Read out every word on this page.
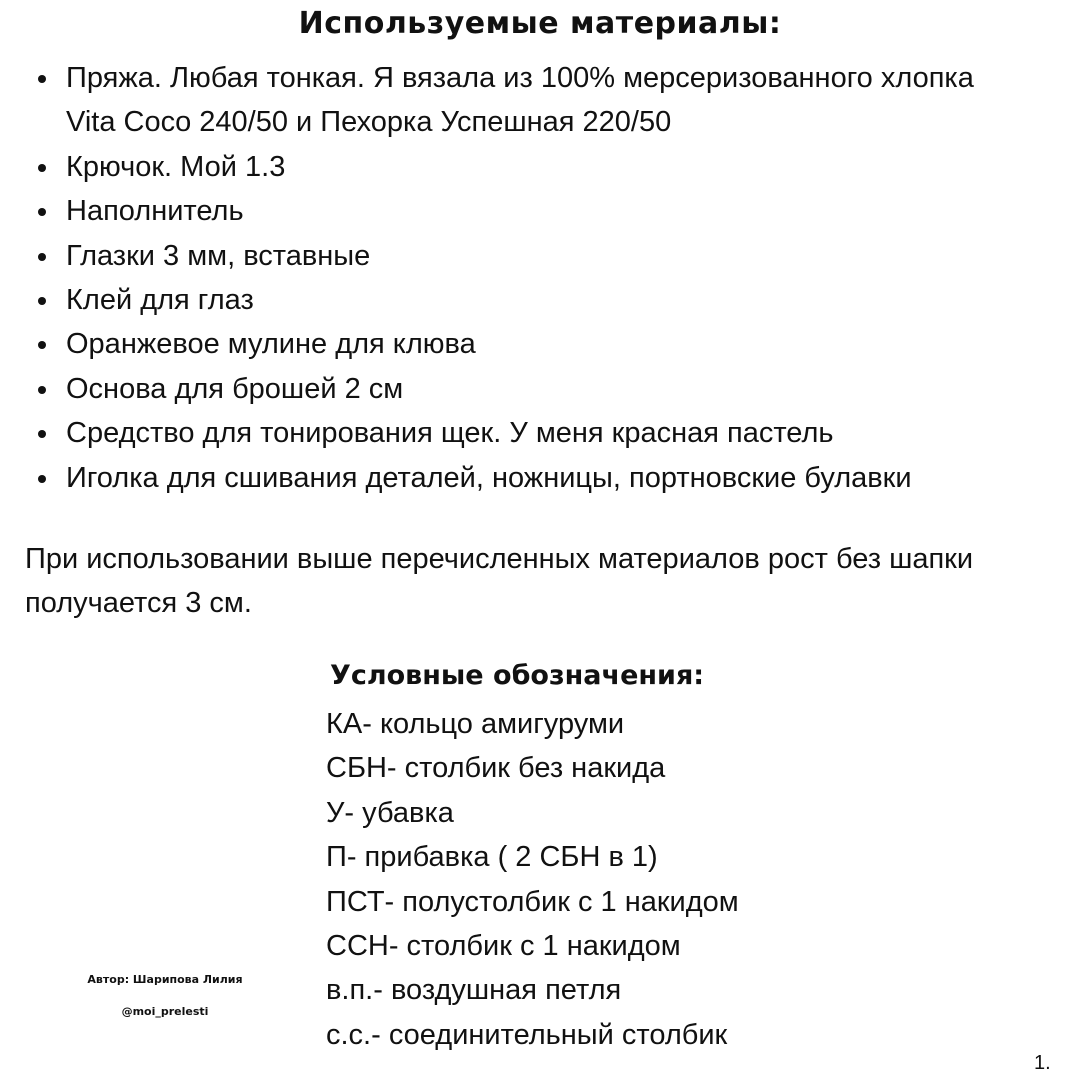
Используемые материалы:
Пряжа. Любая тонкая. Я вязала из 100% мерсеризованного хлопка Vita Coco 240/50 и Пехорка Успешная 220/50
Крючок. Мой 1.3
Наполнитель
Глазки 3 мм, вставные
Клей для глаз
Оранжевое мулине для клюва
Основа для брошей 2 см
Средство для тонирования щек. У меня красная пастель
Иголка для сшивания деталей, ножницы, портновские булавки
При использовании выше перечисленных материалов рост без шапки получается 3 см.
Условные обозначения:
КА- кольцо амигуруми
СБН- столбик без накида
У- убавка
П- прибавка ( 2 СБН в 1)
ПСТ- полустолбик с 1 накидом
ССН- столбик с 1 накидом
в.п.- воздушная петля
с.с.- соединительный столбик
Автор: Шарипова Лилия
@moi_prelesti
1.
